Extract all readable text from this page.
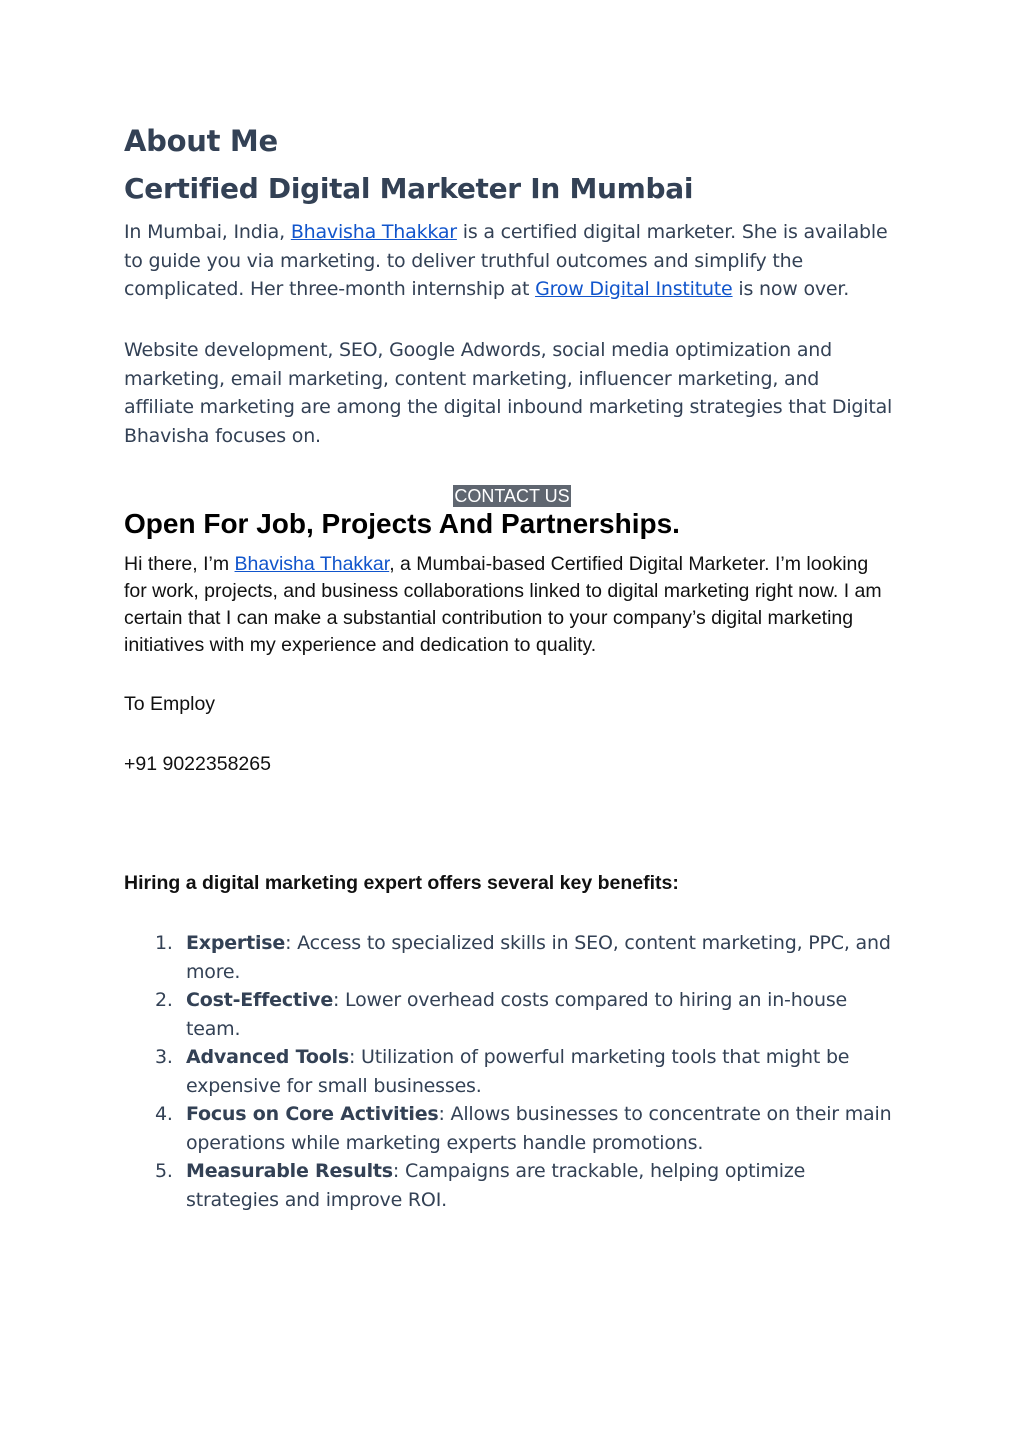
About Me
Certified Digital Marketer In Mumbai

In Mumbai, India, Bhavisha Thakkar is a certified digital marketer. She is available to guide you via marketing. to deliver truthful outcomes and simplify the complicated. Her three-month internship at Grow Digital Institute is now over.

Website development, SEO, Google Adwords, social media optimization and marketing, email marketing, content marketing, influencer marketing, and affiliate marketing are among the digital inbound marketing strategies that Digital Bhavisha focuses on.

CONTACT US
Open For Job, Projects And Partnerships.

Hi there, I’m Bhavisha Thakkar, a Mumbai-based Certified Digital Marketer. I’m looking for work, projects, and business collaborations linked to digital marketing right now. I am certain that I can make a substantial contribution to your company’s digital marketing initiatives with my experience and dedication to quality.

To Employ

+91 9022358265

Hiring a digital marketing expert offers several key benefits:
1. Expertise: Access to specialized skills in SEO, content marketing, PPC, and more.
2. Cost-Effective: Lower overhead costs compared to hiring an in-house team.
3. Advanced Tools: Utilization of powerful marketing tools that might be expensive for small businesses.
4. Focus on Core Activities: Allows businesses to concentrate on their main operations while marketing experts handle promotions.
5. Measurable Results: Campaigns are trackable, helping optimize strategies and improve ROI.
